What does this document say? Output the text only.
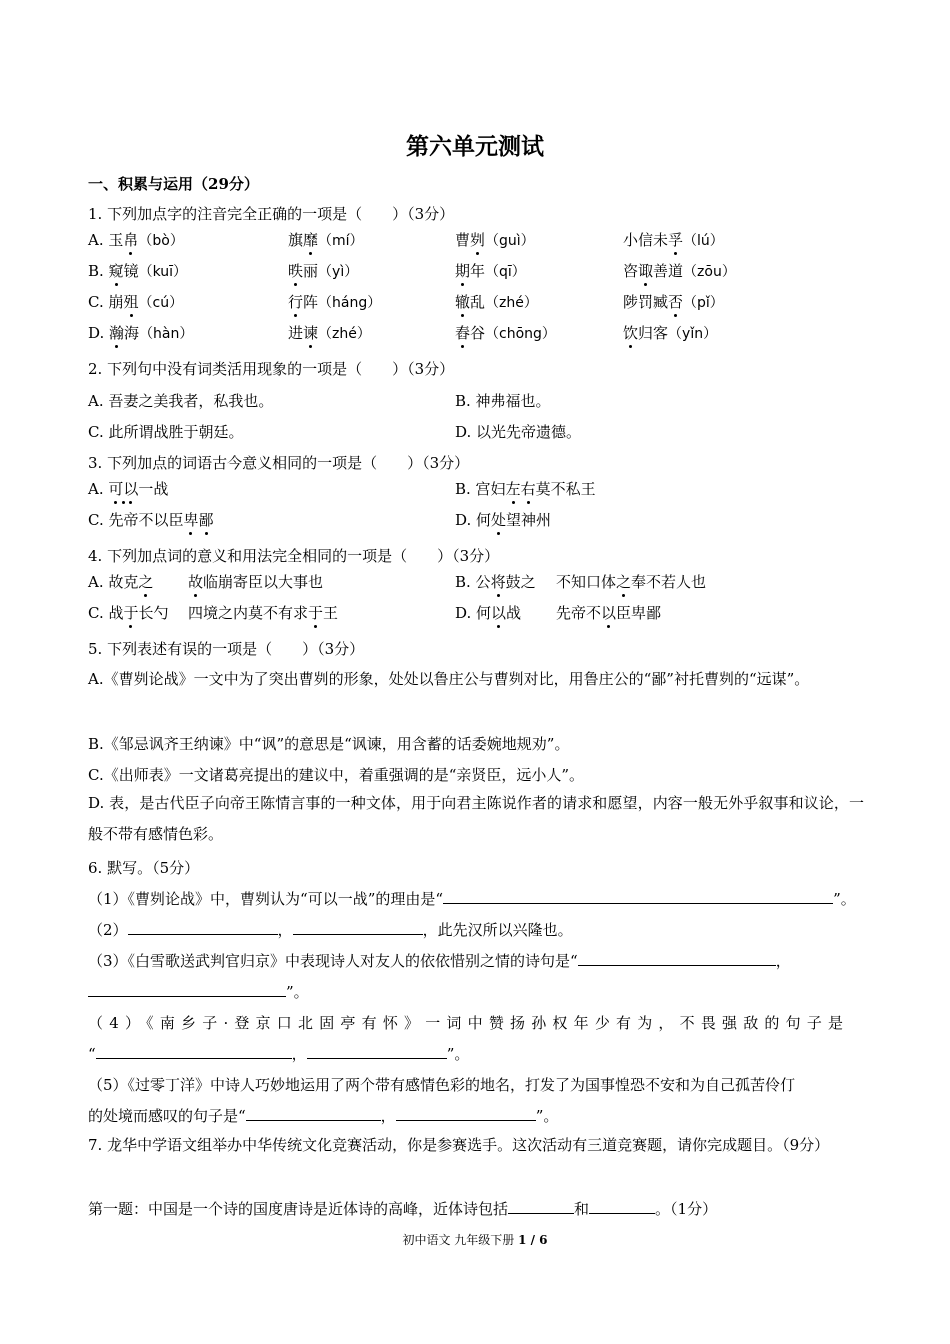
第六单元测试
一、积累与运用（29分）
1. 下列加点字的注音完全正确的一项是（　　）（3分）
A. 玉帛（bò）	旗靡（mí）	曹刿（guì）	小信未孚（lú）
B. 窥镜（kuī）	昳丽（yì）	期年（qī）	咨诹善道（zōu）
C. 崩殂（cú）	行阵（háng）	辙乱（zhé）	陟罚臧否（pǐ）
D. 瀚海（hàn）	进谏（zhé）	舂谷（chōng）	饮归客（yǐn）
2. 下列句中没有词类活用现象的一项是（　　）（3分）
A. 吾妻之美我者，私我也。	B. 神弗福也。
C. 此所谓战胜于朝廷。	D. 以光先帝遗德。
3. 下列加点的词语古今意义相同的一项是（　　）（3分）
A. 可以一战	B. 宫妇左右莫不私王
C. 先帝不以臣卑鄙	D. 何处望神州
4. 下列加点词的意义和用法完全相同的一项是（　　）（3分）
A. 故克之 故临崩寄臣以大事也	B. 公将鼓之 不知口体之奉不若人也
C. 战于长勺 四境之内莫不有求于王	D. 何以战 先帝不以臣卑鄙
5. 下列表述有误的一项是（　　）（3分）
A.《曹刿论战》一文中为了突出曹刿的形象，处处以鲁庄公与曹刿对比，用鲁庄公的“鄙”衬托曹刿的“远谋”。
B.《邹忌讽齐王纳谏》中“讽”的意思是“讽谏，用含蓄的话委婉地规劝”。
C.《出师表》一文诸葛亮提出的建议中，着重强调的是“亲贤臣，远小人”。
D. 表，是古代臣子向帝王陈情言事的一种文体，用于向君主陈说作者的请求和愿望，内容一般无外乎叙事和议论，一般不带有感情色彩。
6. 默写。（5分）
（1）《曹刿论战》中，曹刿认为“可以一战”的理由是“	”。
（2）	，	，此先汉所以兴隆也。
（3）《白雪歌送武判官归京》中表现诗人对友人的依依惜别之情的诗句是“	，
”。
（4）《南乡子·登京口北固亭有怀》一词中赞扬孙权年少有为，不畏强敌的句子是
“	，	”。
（5）《过零丁洋》中诗人巧妙地运用了两个带有感情色彩的地名，打发了为国事惶恐不安和为自己孤苦伶仃
的处境而感叹的句子是“	，	”。
7. 龙华中学语文组举办中华传统文化竞赛活动，你是参赛选手。这次活动有三道竞赛题，请你完成题目。（9分）
第一题：中国是一个诗的国度唐诗是近体诗的高峰，近体诗包括	和	。（1分）
初中语文 九年级下册 1 / 6
